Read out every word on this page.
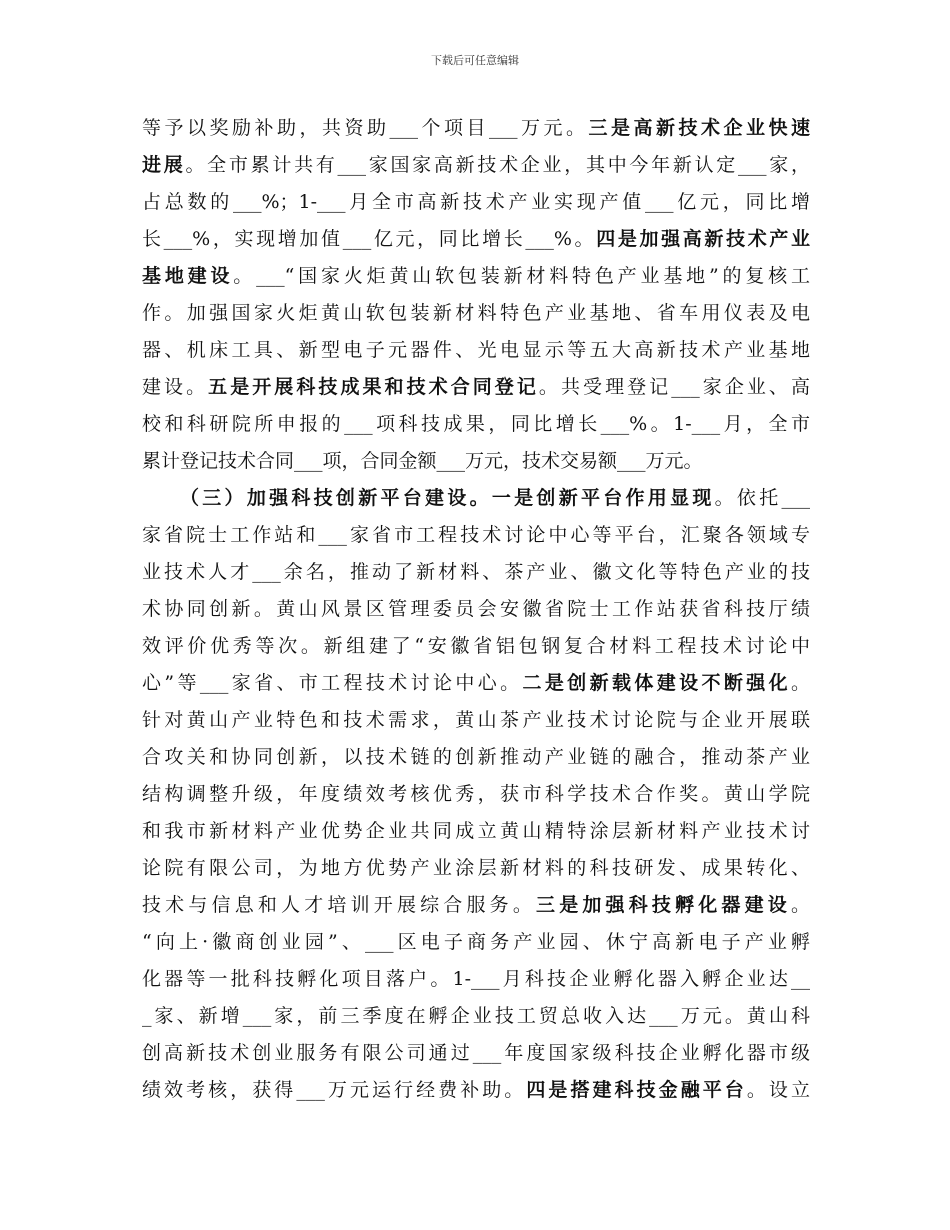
下载后可任意编辑
等予以奖励补助，共资助___个项目___万元。三是高新技术企业快速
进展。全市累计共有___家国家高新技术企业，其中今年新认定___家，
占总数的___%；1-___月全市高新技术产业实现产值___亿元，同比增
长___%，实现增加值___亿元，同比增长___%。四是加强高新技术产业
基地建设。___“国家火炬黄山软包装新材料特色产业基地”的复核工
作。加强国家火炬黄山软包装新材料特色产业基地、省车用仪表及电
器、机床工具、新型电子元器件、光电显示等五大高新技术产业基地
建设。五是开展科技成果和技术合同登记。共受理登记___家企业、高
校和科研院所申报的___项科技成果，同比增长___%。1-___月，全市
累计登记技术合同___项，合同金额___万元，技术交易额___万元。
（三）加强科技创新平台建设。一是创新平台作用显现。依托___
家省院士工作站和___家省市工程技术讨论中心等平台，汇聚各领域专
业技术人才___余名，推动了新材料、茶产业、徽文化等特色产业的技
术协同创新。黄山风景区管理委员会安徽省院士工作站获省科技厅绩
效评价优秀等次。新组建了“安徽省铝包钢复合材料工程技术讨论中
心”等___家省、市工程技术讨论中心。二是创新载体建设不断强化。
针对黄山产业特色和技术需求，黄山茶产业技术讨论院与企业开展联
合攻关和协同创新，以技术链的创新推动产业链的融合，推动茶产业
结构调整升级，年度绩效考核优秀，获市科学技术合作奖。黄山学院
和我市新材料产业优势企业共同成立黄山精特涂层新材料产业技术讨
论院有限公司，为地方优势产业涂层新材料的科技研发、成果转化、
技术与信息和人才培训开展综合服务。三是加强科技孵化器建设。
“向上·徽商创业园”、___区电子商务产业园、休宁高新电子产业孵
化器等一批科技孵化项目落户。1-___月科技企业孵化器入孵企业达__
_家、新增___家，前三季度在孵企业技工贸总收入达___万元。黄山科
创高新技术创业服务有限公司通过___年度国家级科技企业孵化器市级
绩效考核，获得___万元运行经费补助。四是搭建科技金融平台。设立
